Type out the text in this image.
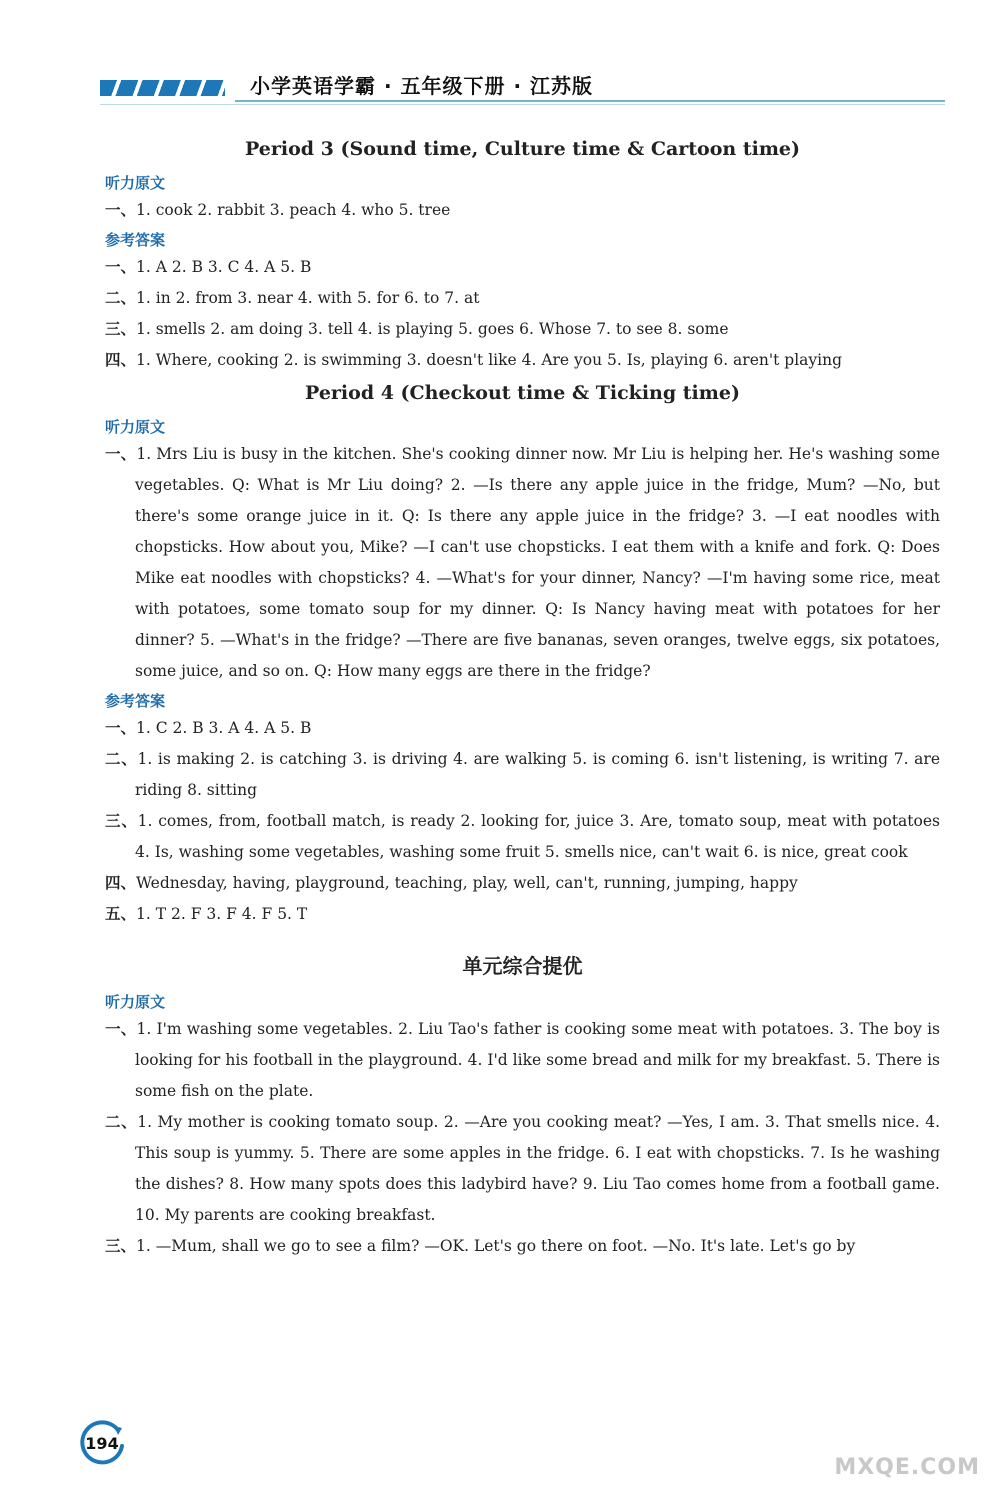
小学英语学霸 · 五年级下册 · 江苏版
Period 3 (Sound time, Culture time & Cartoon time)
听力原文
一、1. cook 2. rabbit 3. peach 4. who 5. tree
参考答案
一、1. A 2. B 3. C 4. A 5. B
二、1. in 2. from 3. near 4. with 5. for 6. to 7. at
三、1. smells 2. am doing 3. tell 4. is playing 5. goes 6. Whose 7. to see 8. some
四、1. Where, cooking 2. is swimming 3. doesn't like 4. Are you 5. Is, playing 6. aren't playing
Period 4 (Checkout time & Ticking time)
听力原文
一、1. Mrs Liu is busy in the kitchen. She's cooking dinner now. Mr Liu is helping her. He's washing some vegetables. Q: What is Mr Liu doing? 2. —Is there any apple juice in the fridge, Mum? —No, but there's some orange juice in it. Q: Is there any apple juice in the fridge? 3. —I eat noodles with chopsticks. How about you, Mike? —I can't use chopsticks. I eat them with a knife and fork. Q: Does Mike eat noodles with chopsticks? 4. —What's for your dinner, Nancy? —I'm having some rice, meat with potatoes, some tomato soup for my dinner. Q: Is Nancy having meat with potatoes for her dinner? 5. —What's in the fridge? —There are five bananas, seven oranges, twelve eggs, six potatoes, some juice, and so on. Q: How many eggs are there in the fridge?
参考答案
一、1. C 2. B 3. A 4. A 5. B
二、1. is making 2. is catching 3. is driving 4. are walking 5. is coming 6. isn't listening, is writing 7. are riding 8. sitting
三、1. comes, from, football match, is ready 2. looking for, juice 3. Are, tomato soup, meat with potatoes 4. Is, washing some vegetables, washing some fruit 5. smells nice, can't wait 6. is nice, great cook
四、Wednesday, having, playground, teaching, play, well, can't, running, jumping, happy
五、1. T 2. F 3. F 4. F 5. T
单元综合提优
听力原文
一、1. I'm washing some vegetables. 2. Liu Tao's father is cooking some meat with potatoes. 3. The boy is looking for his football in the playground. 4. I'd like some bread and milk for my breakfast. 5. There is some fish on the plate.
二、1. My mother is cooking tomato soup. 2. —Are you cooking meat? —Yes, I am. 3. That smells nice. 4. This soup is yummy. 5. There are some apples in the fridge. 6. I eat with chopsticks. 7. Is he washing the dishes? 8. How many spots does this ladybird have? 9. Liu Tao comes home from a football game. 10. My parents are cooking breakfast.
三、1. —Mum, shall we go to see a film? —OK. Let's go there on foot. —No. It's late. Let's go by
194
MXQE.COM
